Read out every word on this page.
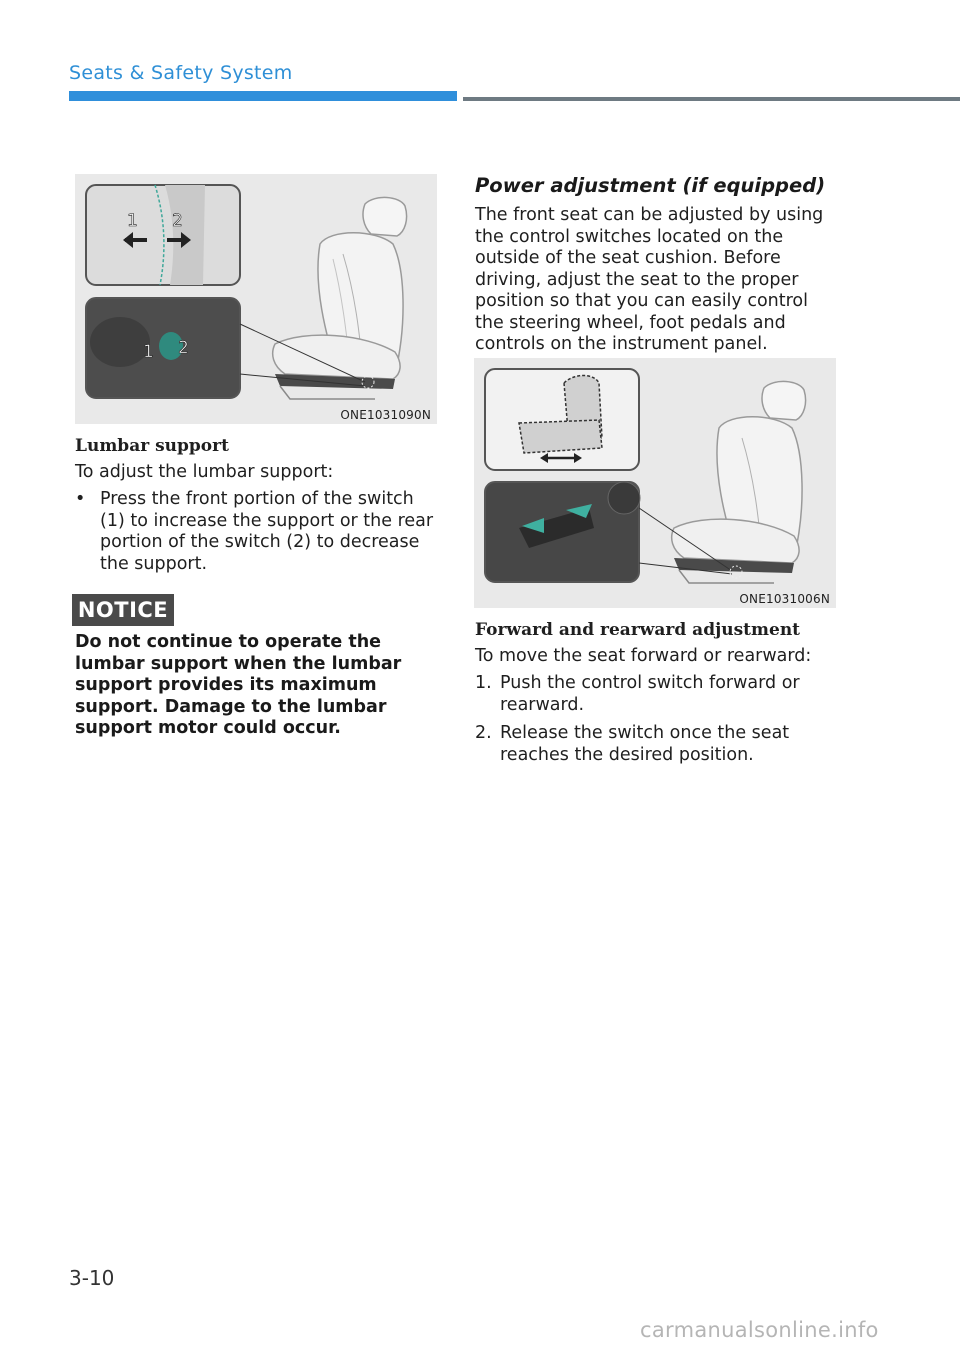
Seats & Safety System
1 2
1 2
ONE1031090N
Lumbar support
To adjust the lumbar support:
• Press the front portion of the switch (1) to increase the support or the rear portion of the switch (2) to decrease the support.
NOTICE
Do not continue to operate the lumbar support when the lumbar support provides its maximum support. Damage to the lumbar support motor could occur.
Power adjustment (if equipped)
The front seat can be adjusted by using the control switches located on the outside of the seat cushion. Before driving, adjust the seat to the proper position so that you can easily control the steering wheel, foot pedals and controls on the instrument panel.
ONE1031006N
Forward and rearward adjustment
To move the seat forward or rearward:
1. Push the control switch forward or rearward.
2. Release the switch once the seat reaches the desired position.
3-10
carmanualsonline.info
